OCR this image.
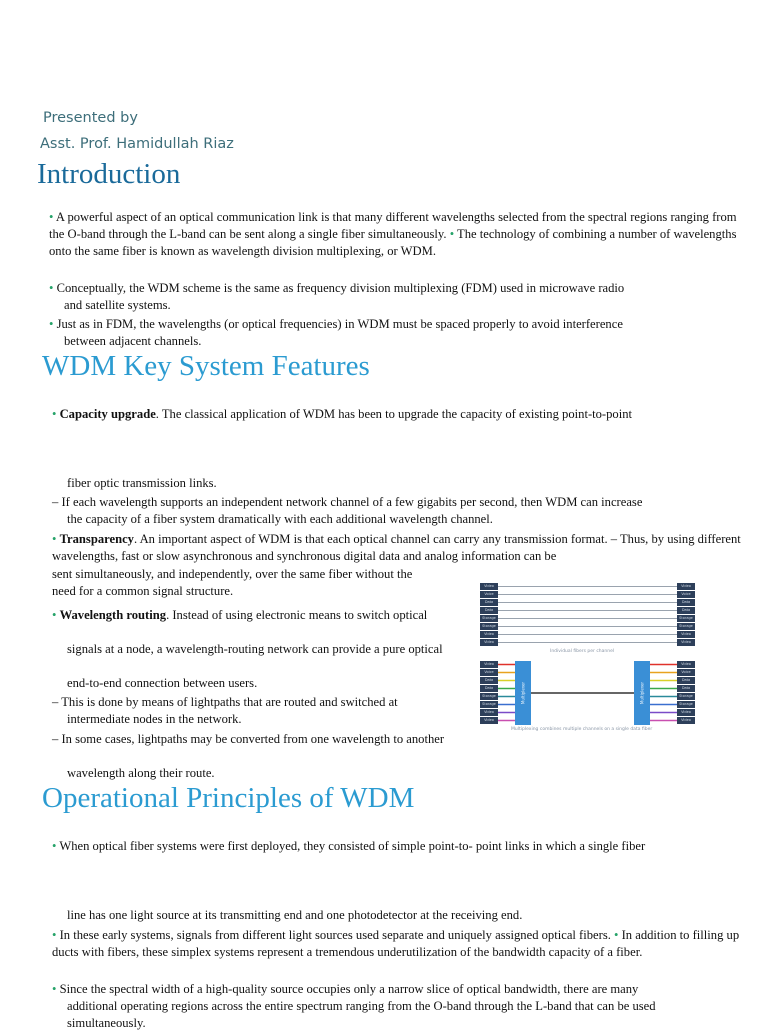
Presented by
Asst. Prof. Hamidullah Riaz
Introduction
• A powerful aspect of an optical communication link is that many different wavelengths selected from the spectral regions ranging from the O-band through the L-band can be sent along a single fiber simultaneously. • The technology of combining a number of wavelengths onto the same fiber is known as wavelength division multiplexing, or WDM.
• Conceptually, the WDM scheme is the same as frequency division multiplexing (FDM) used in microwave radio
and satellite systems.
• Just as in FDM, the wavelengths (or optical frequencies) in WDM must be spaced properly to avoid interference
between adjacent channels.
WDM Key System Features
• Capacity upgrade. The classical application of WDM has been to upgrade the capacity of existing point-to-point
fiber optic transmission links.
– If each wavelength supports an independent network channel of a few gigabits per second, then WDM can increase
the capacity of a fiber system dramatically with each additional wavelength channel.
• Transparency. An important aspect of WDM is that each optical channel can carry any transmission format. – Thus, by using different wavelengths, fast or slow asynchronous and synchronous digital data and analog information can be
sent simultaneously, and independently, over the same fiber without the
need for a common signal structure.
• Wavelength routing. Instead of using electronic means to switch optical
signals at a node, a wavelength-routing network can provide a pure optical
end-to-end connection between users.
– This is done by means of lightpaths that are routed and switched at
intermediate nodes in the network.
– In some cases, lightpaths may be converted from one wavelength to another
wavelength along their route.
Individual fibers per channel
Multiplexer	Multiplexer
Multiplexing combines multiple channels on a single data fiber
Video	Video
Voice	Voice
Data	Data
Data	Data
Storage	Storage
Storage	Storage
Video	Video
Video	Video
Video	Video
Voice	Voice
Data	Data
Data	Data
Storage	Storage
Storage	Storage
Video	Video
Video	Video
Operational Principles of WDM
• When optical fiber systems were first deployed, they consisted of simple point-to- point links in which a single fiber
line has one light source at its transmitting end and one photodetector at the receiving end.
• In these early systems, signals from different light sources used separate and uniquely assigned optical fibers. • In addition to filling up ducts with fibers, these simplex systems represent a tremendous underutilization of the bandwidth capacity of a fiber.
• Since the spectral width of a high-quality source occupies only a narrow slice of optical bandwidth, there are many
additional operating regions across the entire spectrum ranging from the O-band through the L-band that can be used
simultaneously.
